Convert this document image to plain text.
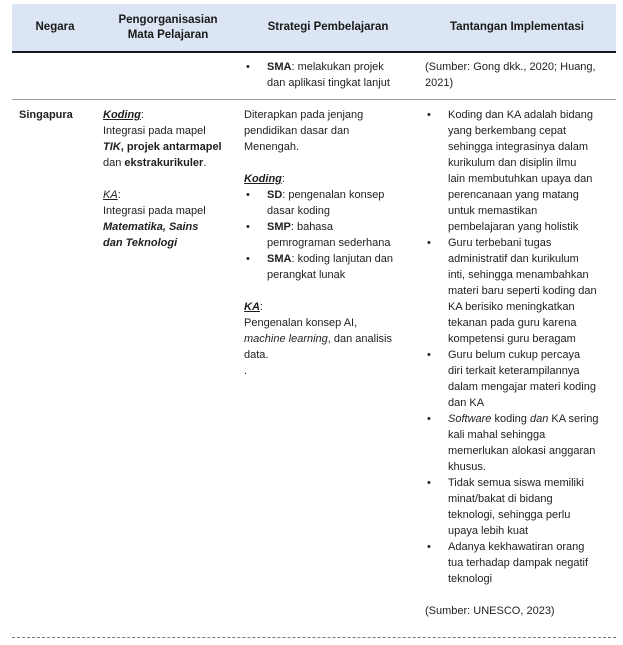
Negara
Pengorganisasian
Mata Pelajaran
Strategi Pembelajaran	Tantangan Implementasi
• SMA: melakukan projek
dan aplikasi tingkat lanjut

(Sumber: Gong dkk., 2020; Huang,

2021)

Singapura	Koding:

Integrasi pada mapel

TIK, projek antarmapel

dan ekstrakurikuler.

KA:

Integrasi pada mapel

Matematika, Sains

dan Teknologi

Diterapkan pada jenjang

pendidikan dasar dan

Menengah.

Koding:

• SD: pengenalan konsep
dasar koding
• SMP: bahasa
pemrograman sederhana
• SMA: koding lanjutan dan
perangkat lunak

KA:

Pengenalan konsep AI,

machine learning, dan analisis

data.

.

• Koding dan KA adalah bidang
yang berkembang cepat
sehingga integrasinya dalam
kurikulum dan disiplin ilmu
lain membutuhkan upaya dan
perencanaan yang matang
untuk memastikan
pembelajaran yang holistik
• Guru terbebani tugas
administratif dan kurikulum
inti, sehingga menambahkan
materi baru seperti koding dan
KA berisiko meningkatkan
tekanan pada guru karena
kompetensi guru beragam
• Guru belum cukup percaya
diri terkait keterampilannya
dalam mengajar materi koding
dan KA
• Software koding dan KA sering
kali mahal sehingga
memerlukan alokasi anggaran
khusus.
• Tidak semua siswa memiliki
minat/bakat di bidang
teknologi, sehingga perlu
upaya lebih kuat
• Adanya kekhawatiran orang
tua terhadap dampak negatif
teknologi

(Sumber: UNESCO, 2023)
